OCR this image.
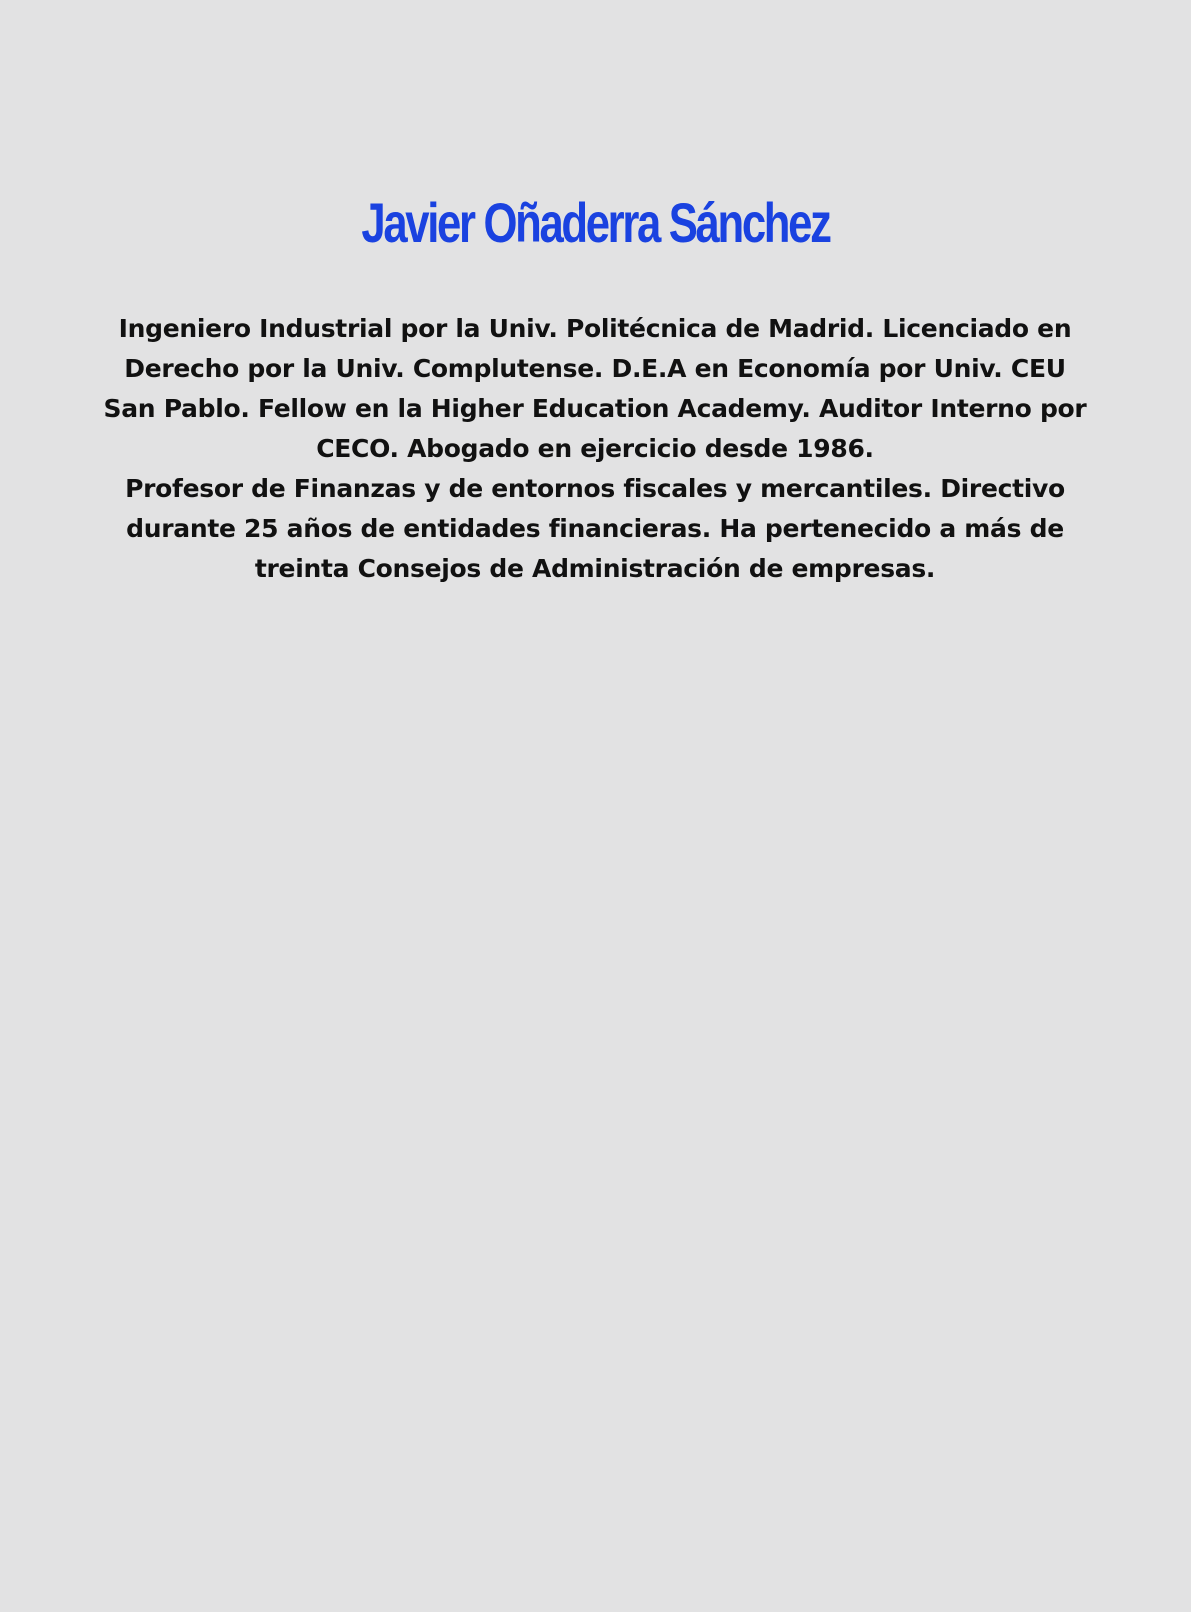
Javier Oñaderra Sánchez

Ingeniero Industrial por la Univ. Politécnica de Madrid. Licenciado en Derecho por la Univ. Complutense. D.E.A en Economía por Univ. CEU San Pablo. Fellow en la Higher Education Academy. Auditor Interno por CECO. Abogado en ejercicio desde 1986.

Profesor de Finanzas y de entornos fiscales y mercantiles. Directivo durante 25 años de entidades financieras. Ha pertenecido a más de treinta Consejos de Administración de empresas.
